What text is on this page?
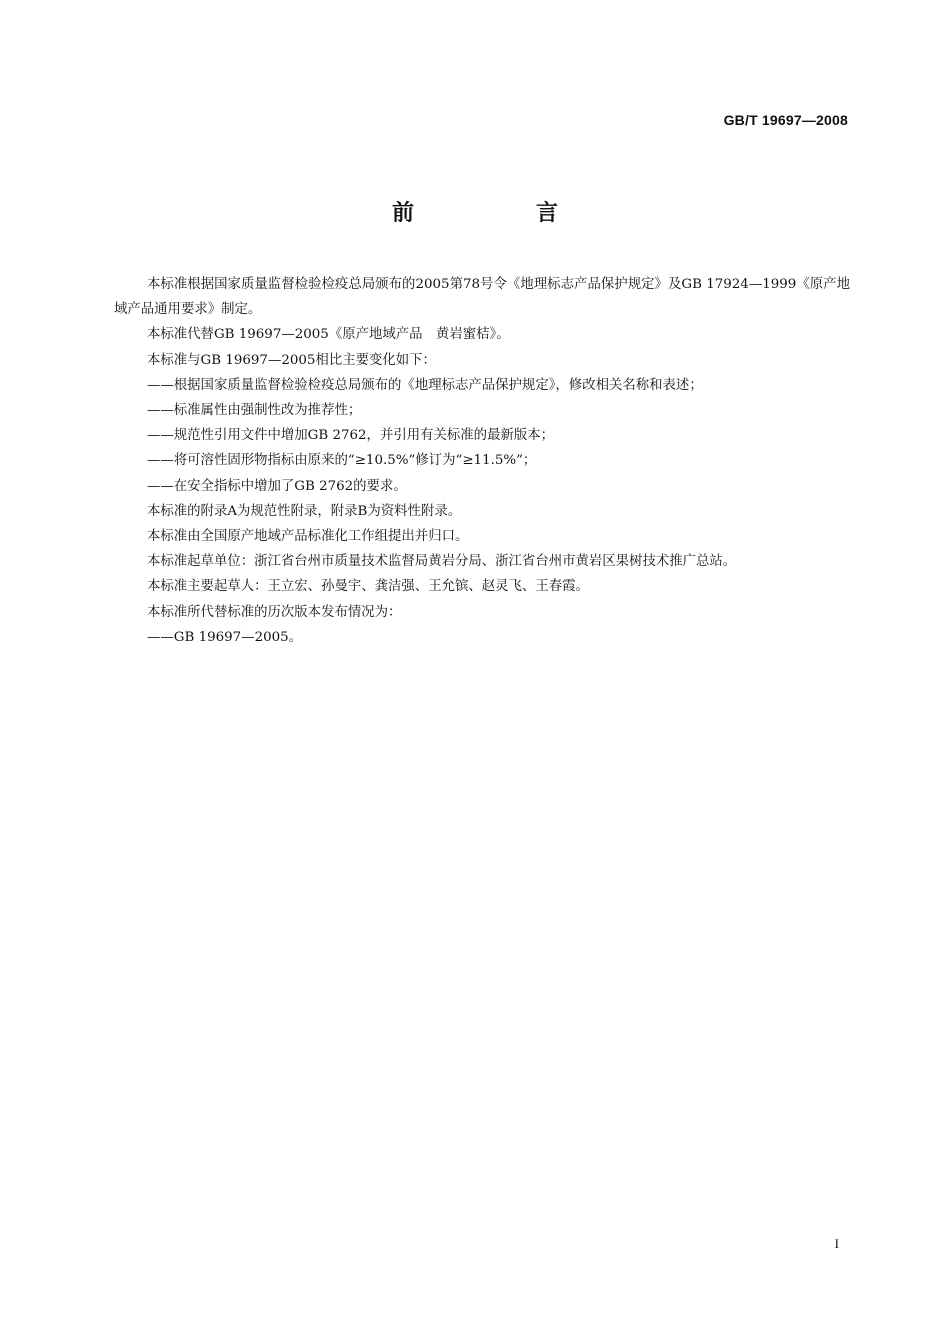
GB/T 19697—2008
前　言

本标准根据国家质量监督检验检疫总局颁布的2005第78号令《地理标志产品保护规定》及GB 17924—1999《原产地域产品通用要求》制定。

本标准代替GB 19697—2005《原产地域产品　黄岩蜜桔》。

本标准与GB 19697—2005相比主要变化如下：

——根据国家质量监督检验检疫总局颁布的《地理标志产品保护规定》，修改相关名称和表述；

——标准属性由强制性改为推荐性；

——规范性引用文件中增加GB 2762，并引用有关标准的最新版本；

——将可溶性固形物指标由原来的“≥10.5%”修订为“≥11.5%”；

——在安全指标中增加了GB 2762的要求。

本标准的附录A为规范性附录，附录B为资料性附录。

本标准由全国原产地域产品标准化工作组提出并归口。

本标准起草单位：浙江省台州市质量技术监督局黄岩分局、浙江省台州市黄岩区果树技术推广总站。

本标准主要起草人：王立宏、孙曼宇、龚洁强、王允镔、赵灵飞、王春霞。

本标准所代替标准的历次版本发布情况为：

——GB 19697—2005。

I
